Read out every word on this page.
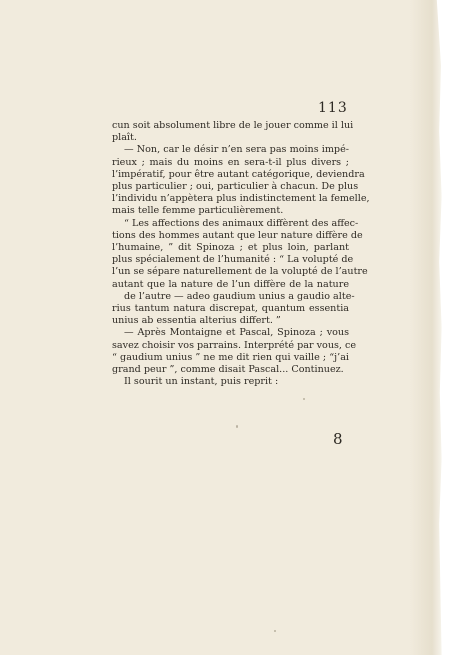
113
cun soit absolument libre de le jouer comme il lui
plaît.
— Non, car le désir n’en sera pas moins impé-
rieux ; mais du moins en sera-t-il plus divers ;
l’impératif, pour être autant catégorique, deviendra
plus particulier ; oui, particulier à chacun. De plus
l’individu n’appètera plus indistinctement la femelle,
mais telle femme particulièrement.
“ Les affections des animaux diffèrent des affec-
tions des hommes autant que leur nature diffère de
l’humaine, ” dit Spinoza ; et plus loin, parlant
plus spécialement de l’humanité : “ La volupté de
l’un se sépare naturellement de la volupté de l’autre
autant que la nature de l’un diffère de la nature
de l’autre — adeo gaudium unius a gaudio alte-
rius tantum natura discrepat, quantum essentia
unius ab essentia alterius differt. ”
— Après Montaigne et Pascal, Spinoza ; vous
savez choisir vos parrains. Interprété par vous, ce
“ gaudium unius ” ne me dit rien qui vaille ; “j’ai
grand peur ”, comme disait Pascal... Continuez.
Il sourit un instant, puis reprit :
8
